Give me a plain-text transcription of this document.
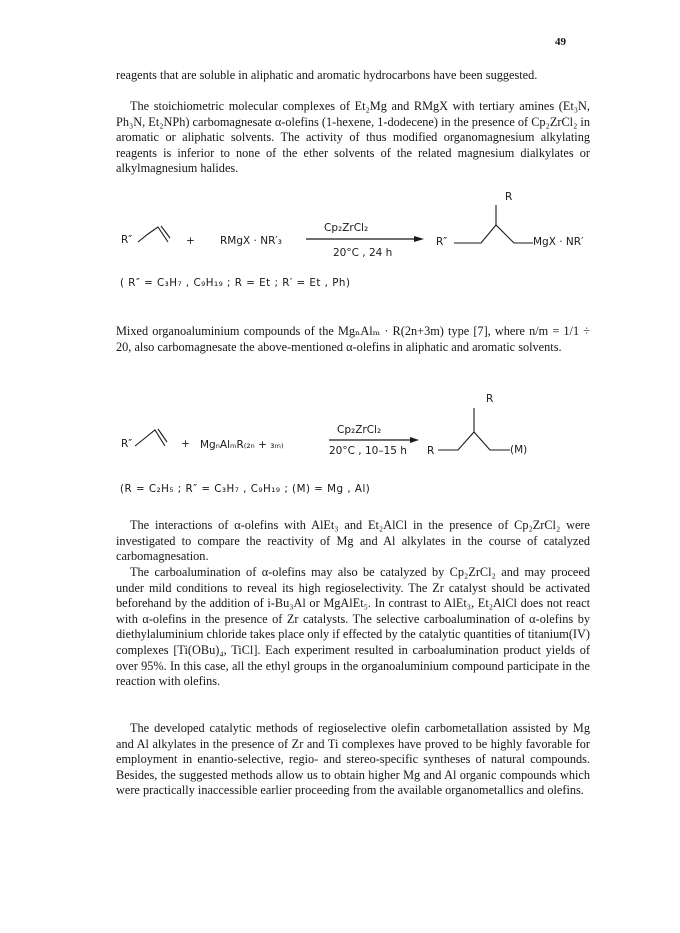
49

reagents that are soluble in aliphatic and aromatic hydrocarbons have been suggested.

The stoichiometric molecular complexes of Et₂Mg and RMgX with tertiary amines (Et₃N, Ph₃N, Et₂NPh) carbomagnesate α-olefins (1-hexene, 1-dodecene) in the presence of Cp₂ZrCl₂ in aromatic or aliphatic solvents. The activity of thus modified organomagnesium alkylating reagents is inferior to none of the ether solvents of the related magnesium dialkylates or alkylmagnesium halides.

R″	+ RMgX · NR′₃
Cp₂ZrCl₂
20°C , 24 h
R″
R
MgX · NR′

( R″ = C₃H₇ , C₉H₁₉ ; R = Et ; R′ = Et , Ph)

Mixed organoaluminium compounds of the MgₙAlₘ · R(2n+3m) type [7], where n/m = 1/1 ÷ 20, also carbomagnesate the above-mentioned α-olefins in aliphatic and aromatic solvents.

R″	+ MgₙAlₘR₍₂ₙ + ₃ₘ₎
Cp₂ZrCl₂
20°C , 10–15 h R
R
(M)

(R = C₂H₅ ; R″ = C₃H₇ , C₉H₁₉ ; (M) = Mg , Al)

The interactions of α-olefins with AlEt₃ and Et₂AlCl in the presence of Cp₂ZrCl₂ were investigated to compare the reactivity of Mg and Al alkylates in the course of catalyzed carbomagnesation.

The carboalumination of α-olefins may also be catalyzed by Cp₂ZrCl₂ and may proceed under mild conditions to reveal its high regioselectivity. The Zr catalyst should be activated beforehand by the addition of i-Bu₃Al or MgAlEt₅. In contrast to AlEt₃, Et₂AlCl does not react with α-olefins in the presence of Zr catalysts. The selective carboalumination of α-olefins by diethylaluminium chloride takes place only if effected by the catalytic quantities of titanium(IV) complexes [Ti(OBu)₄, TiCl]. Each experiment resulted in carboalumination product yields of over 95%. In this case, all the ethyl groups in the organoaluminium compound participate in the reaction with olefins.

The developed catalytic methods of regioselective olefin carbometallation assisted by Mg and Al alkylates in the presence of Zr and Ti complexes have proved to be highly favorable for employment in enantio-selective, regio- and stereo-specific syntheses of natural compounds. Besides, the suggested methods allow us to obtain higher Mg and Al organic compounds which were practically inaccessible earlier proceeding from the available organometallics and olefins.
